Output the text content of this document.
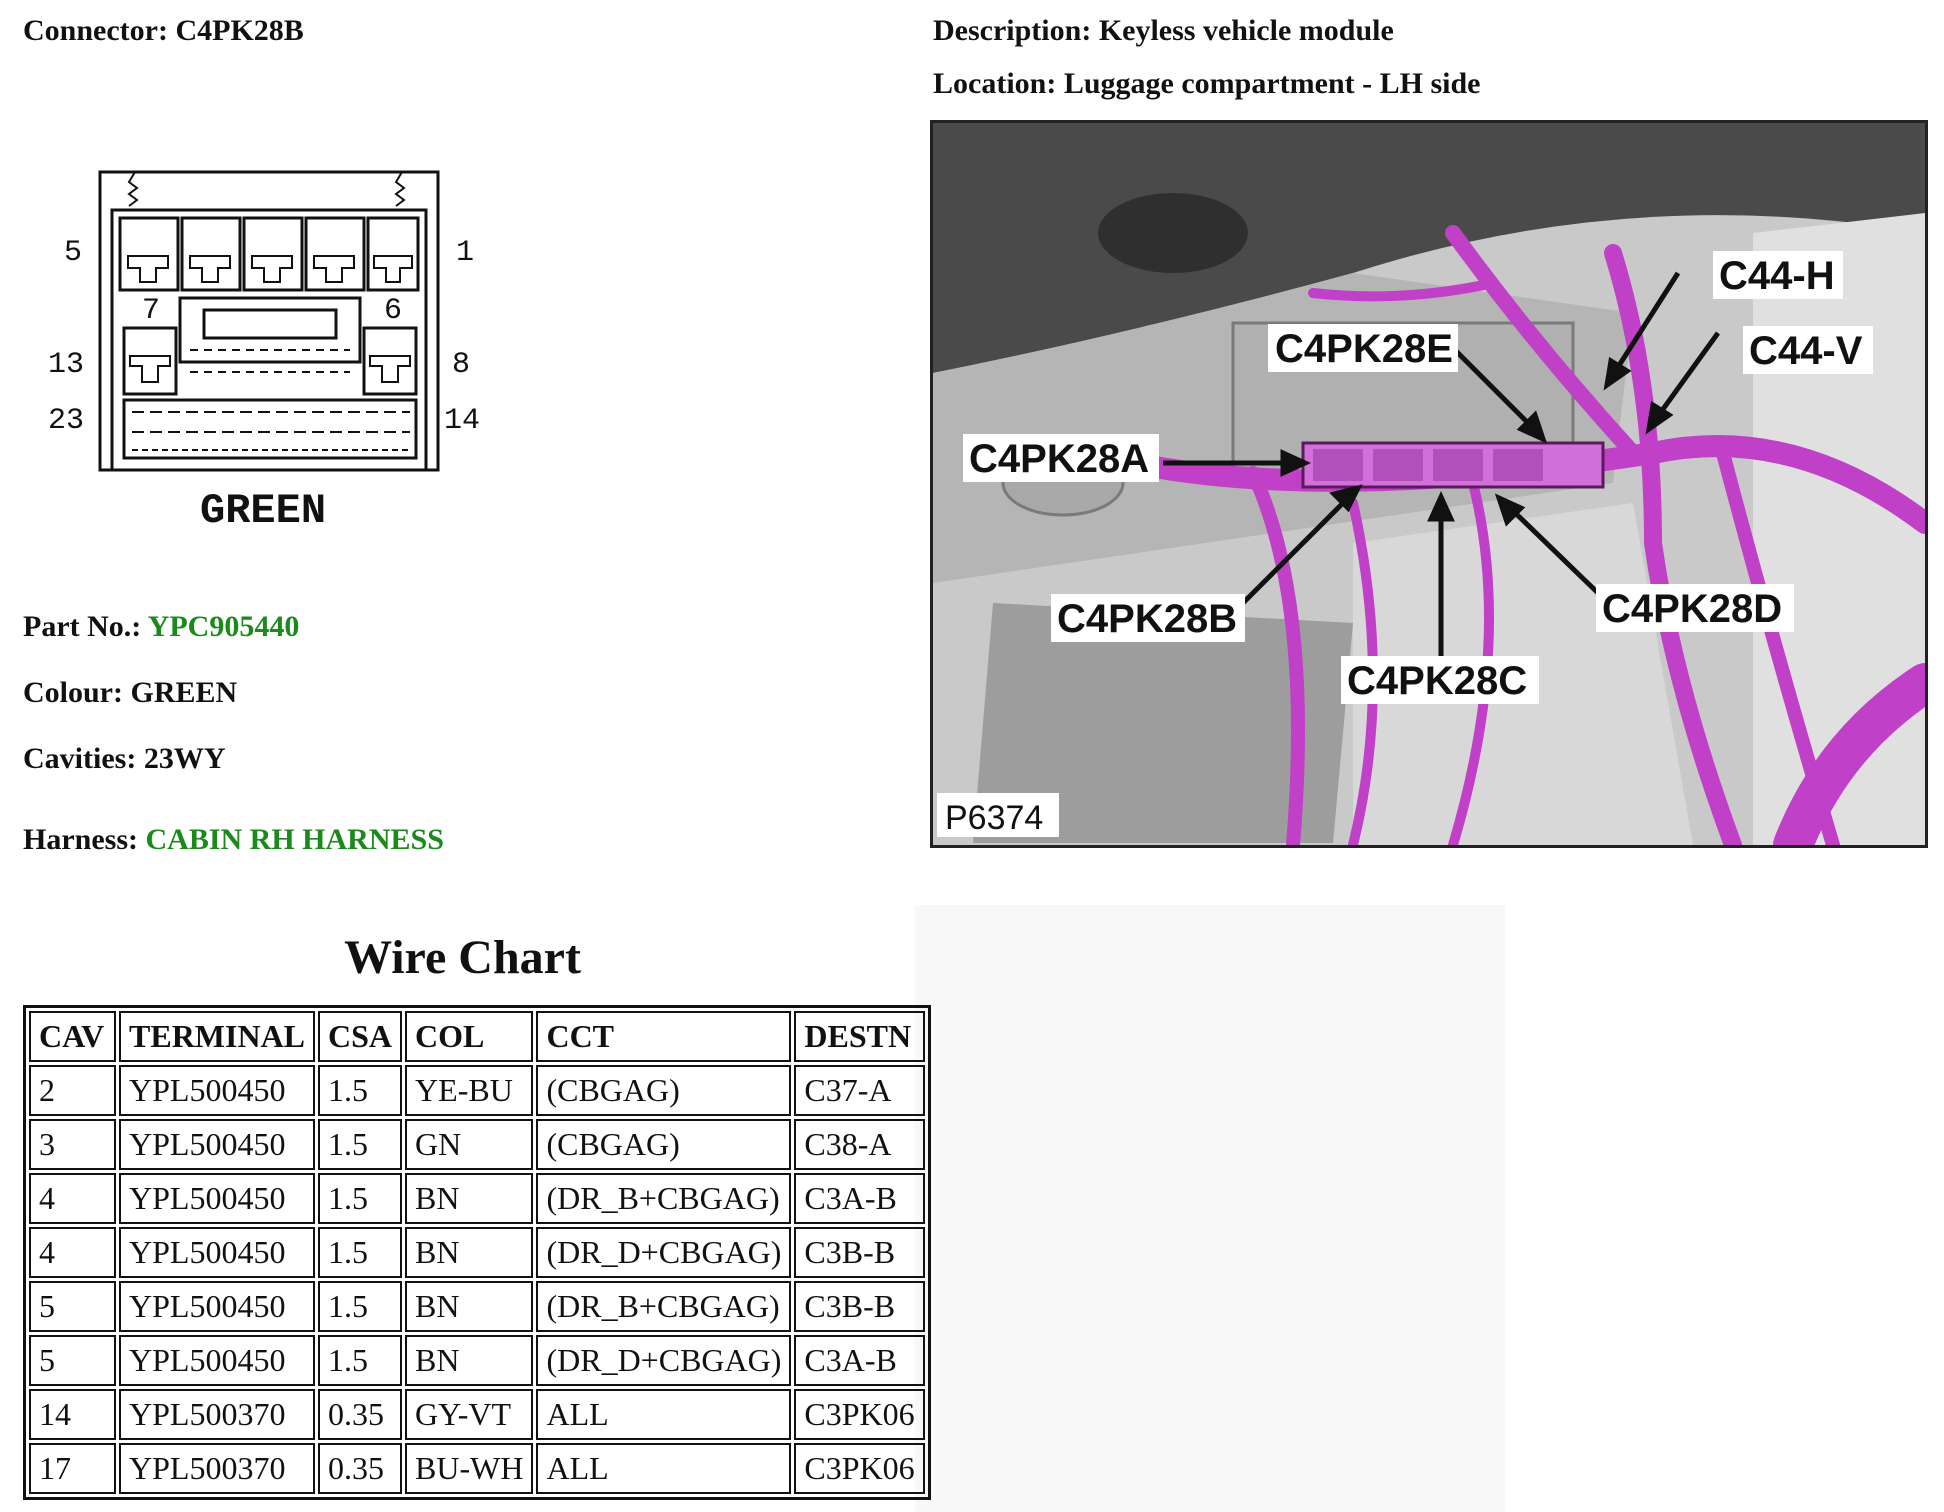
Connector: C4PK28B	Description: Keyless vehicle module
Location: Luggage compartment - LH side
5	1
7	6
13	8
23	14
GREEN
Part No.: YPC905440
Colour: GREEN
Cavities: 23WY
Harness: CABIN RH HARNESS
C4PK28E
C44-H
C44-V
C4PK28A
C4PK28B	C4PK28D
C4PK28C
P6374
Wire Chart
CAV	TERMINAL	CSA	COL	CCT	DESTN
2	YPL500450	1.5	YE-BU	(CBGAG)	C37-A
3	YPL500450	1.5	GN	(CBGAG)	C38-A
4	YPL500450	1.5	BN	(DR_B+CBGAG)	C3A-B
4	YPL500450	1.5	BN	(DR_D+CBGAG)	C3B-B
5	YPL500450	1.5	BN	(DR_B+CBGAG)	C3B-B
5	YPL500450	1.5	BN	(DR_D+CBGAG)	C3A-B
14	YPL500370	0.35	GY-VT	ALL	C3PK06
17	YPL500370	0.35	BU-WH	ALL	C3PK06
